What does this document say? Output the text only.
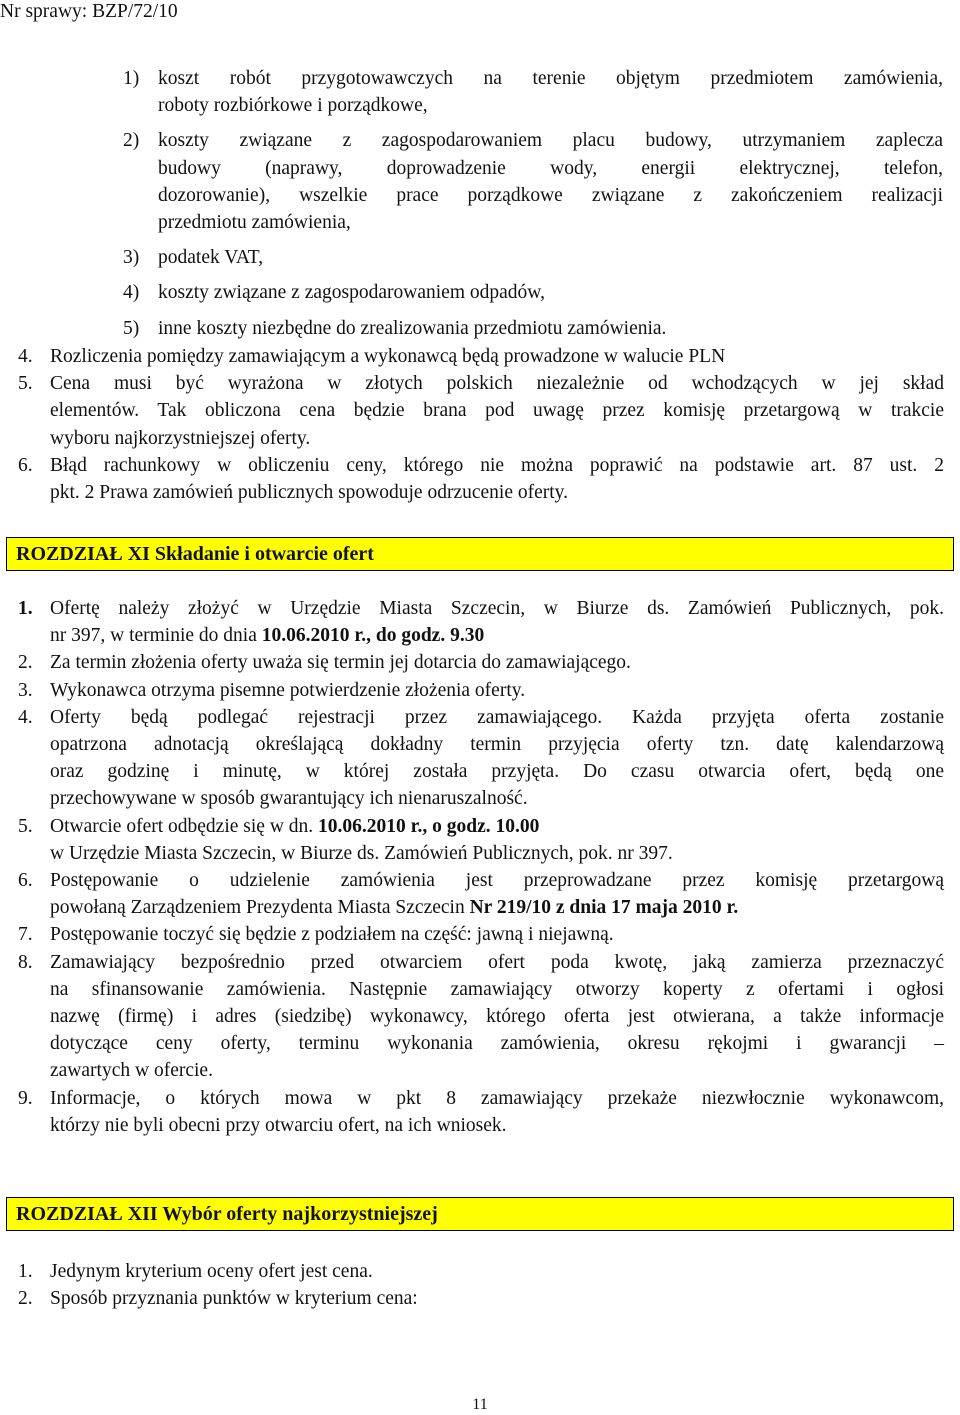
Nr sprawy: BZP/72/10
1) koszt robót przygotowawczych na terenie objętym przedmiotem zamówienia,

roboty rozbiórkowe i porządkowe,

2) koszty związane z zagospodarowaniem placu budowy, utrzymaniem zaplecza

budowy (naprawy, doprowadzenie wody, energii elektrycznej, telefon,

dozorowanie), wszelkie prace porządkowe związane z zakończeniem realizacji

przedmiotu zamówienia,

3) podatek VAT,

4) koszty związane z zagospodarowaniem odpadów,

5) inne koszty niezbędne do zrealizowania przedmiotu zamówienia.

4. Rozliczenia pomiędzy zamawiającym a wykonawcą będą prowadzone w walucie PLN

5. Cena musi być wyrażona w złotych polskich niezależnie od wchodzących w jej skład

elementów. Tak obliczona cena będzie brana pod uwagę przez komisję przetargową w trakcie

wyboru najkorzystniejszej oferty.

6. Błąd rachunkowy w obliczeniu ceny, którego nie można poprawić na podstawie art. 87 ust. 2

pkt. 2 Prawa zamówień publicznych spowoduje odrzucenie oferty.

ROZDZIAŁ XI Składanie i otwarcie ofert
1. Ofertę należy złożyć w Urzędzie Miasta Szczecin, w Biurze ds. Zamówień Publicznych, pok.

nr 397, w terminie do dnia 10.06.2010 r., do godz. 9.30

2. Za termin złożenia oferty uważa się termin jej dotarcia do zamawiającego.

3. Wykonawca otrzyma pisemne potwierdzenie złożenia oferty.

4. Oferty będą podlegać rejestracji przez zamawiającego. Każda przyjęta oferta zostanie

opatrzona adnotacją określającą dokładny termin przyjęcia oferty tzn. datę kalendarzową

oraz godzinę i minutę, w której została przyjęta. Do czasu otwarcia ofert, będą one

przechowywane w sposób gwarantujący ich nienaruszalność.

5. Otwarcie ofert odbędzie się w dn. 10.06.2010 r., o godz. 10.00

w Urzędzie Miasta Szczecin, w Biurze ds. Zamówień Publicznych, pok. nr 397.

6. Postępowanie o udzielenie zamówienia jest przeprowadzane przez komisję przetargową

powołaną Zarządzeniem Prezydenta Miasta Szczecin Nr 219/10 z dnia 17 maja 2010 r.

7. Postępowanie toczyć się będzie z podziałem na część: jawną i niejawną.

8. Zamawiający bezpośrednio przed otwarciem ofert poda kwotę, jaką zamierza przeznaczyć

na sfinansowanie zamówienia. Następnie zamawiający otworzy koperty z ofertami i ogłosi

nazwę (firmę) i adres (siedzibę) wykonawcy, którego oferta jest otwierana, a także informacje

dotyczące ceny oferty, terminu wykonania zamówienia, okresu rękojmi i gwarancji –

zawartych w ofercie.

9. Informacje, o których mowa w pkt 8 zamawiający przekaże niezwłocznie wykonawcom,

którzy nie byli obecni przy otwarciu ofert, na ich wniosek.

ROZDZIAŁ XII Wybór oferty najkorzystniejszej
1. Jedynym kryterium oceny ofert jest cena.

2. Sposób przyznania punktów w kryterium cena:

11
